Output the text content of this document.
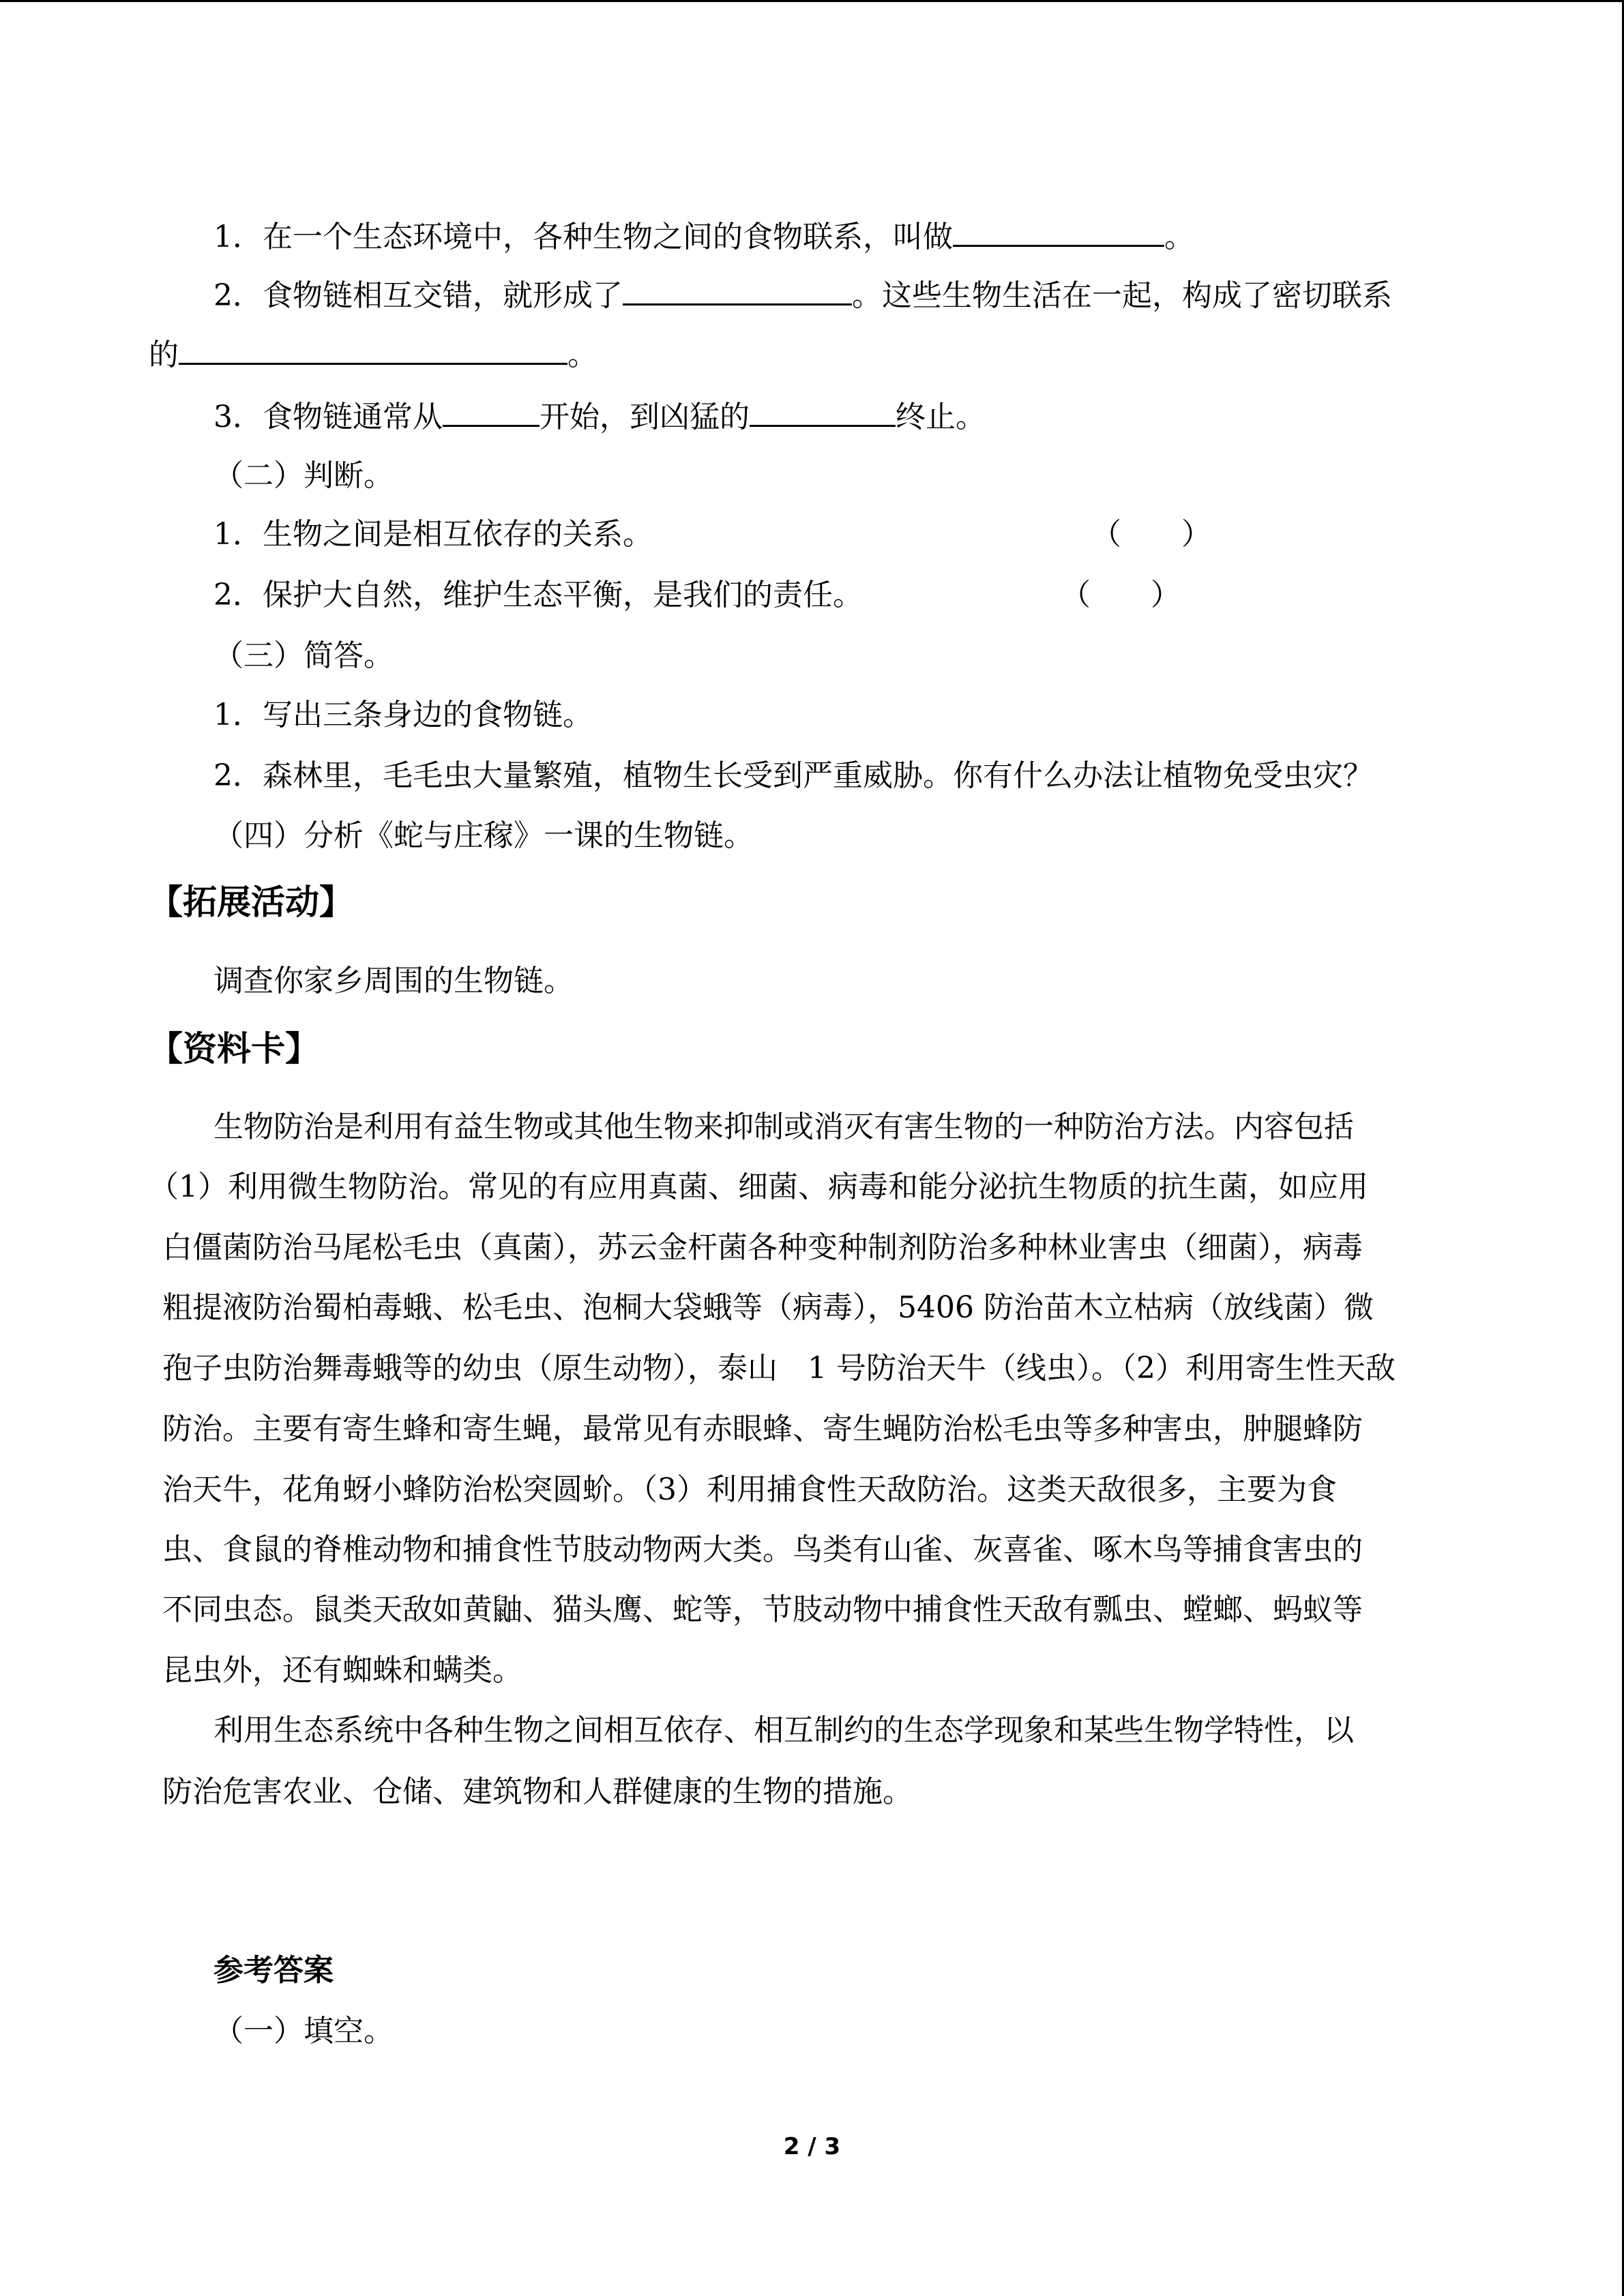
1．在一个生态环境中，各种生物之间的食物联系，叫做	。
2．食物链相互交错，就形成了	。这些生物生活在一起，构成了密切联系
的	。
3．食物链通常从	开始，到凶猛的	终止。
（二）判断。
1．生物之间是相互依存的关系。	（　　）
2．保护大自然，维护生态平衡，是我们的责任。	（　　）
（三）简答。
1．写出三条身边的食物链。
2．森林里，毛毛虫大量繁殖，植物生长受到严重威胁。你有什么办法让植物免受虫灾？
（四）分析《蛇与庄稼》一课的生物链。
【拓展活动】
调查你家乡周围的生物链。
【资料卡】
生物防治是利用有益生物或其他生物来抑制或消灭有害生物的一种防治方法。内容包括
（1）利用微生物防治。常见的有应用真菌、细菌、病毒和能分泌抗生物质的抗生菌，如应用
白僵菌防治马尾松毛虫（真菌），苏云金杆菌各种变种制剂防治多种林业害虫（细菌），病毒
粗提液防治蜀柏毒蛾、松毛虫、泡桐大袋蛾等（病毒），5406 防治苗木立枯病（放线菌）微
孢子虫防治舞毒蛾等的幼虫（原生动物），泰山　1 号防治天牛（线虫）。（2）利用寄生性天敌
防治。主要有寄生蜂和寄生蝇，最常见有赤眼蜂、寄生蝇防治松毛虫等多种害虫，肿腿蜂防
治天牛，花角蚜小蜂防治松突圆蚧。（3）利用捕食性天敌防治。这类天敌很多，主要为食
虫、食鼠的脊椎动物和捕食性节肢动物两大类。鸟类有山雀、灰喜雀、啄木鸟等捕食害虫的
不同虫态。鼠类天敌如黄鼬、猫头鹰、蛇等，节肢动物中捕食性天敌有瓢虫、螳螂、蚂蚁等
昆虫外，还有蜘蛛和螨类。
利用生态系统中各种生物之间相互依存、相互制约的生态学现象和某些生物学特性，以
防治危害农业、仓储、建筑物和人群健康的生物的措施。
参考答案
（一）填空。
2 / 3
